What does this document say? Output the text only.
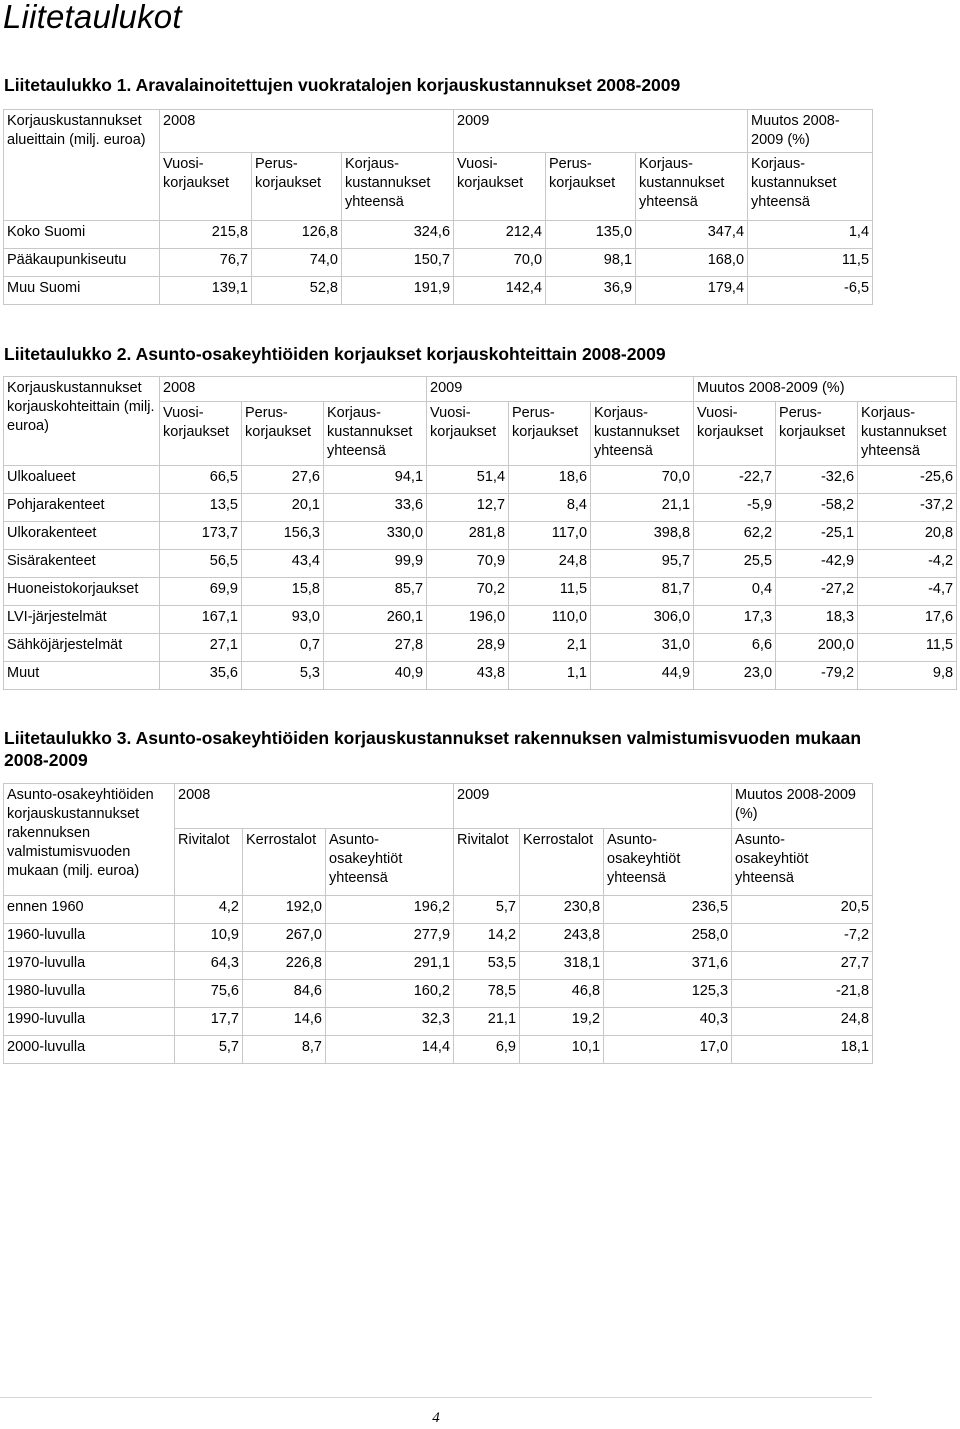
Liitetaulukot
Liitetaulukko 1. Aravalainoitettujen vuokratalojen korjauskustannukset 2008-2009
Korjauskustannukset alueittain (milj. euroa)	2008			2009			Muutos 2008-2009 (%)

	Vuosi-
korjaukset	Perus-
korjaukset	Korjaus-
kustannukset
yhteensä	Vuosi-
korjaukset	Perus-
korjaukset	Korjaus-
kustannukset
yhteensä	Korjaus-
kustannukset
yhteensä

Koko Suomi	215,8	126,8	324,6	212,4	135,0	347,4	1,4
Pääkaupunkiseutu	76,7	74,0	150,7	70,0	98,1	168,0	11,5
Muu Suomi	139,1	52,8	191,9	142,4	36,9	179,4	-6,5
Liitetaulukko 2. Asunto-osakeyhtiöiden korjaukset korjauskohteittain 2008-2009
Korjauskustannukset korjauskohteittain (milj. euroa)	2008			2009			Muutos 2008-2009 (%)		

	Vuosi-
korjaukset	Perus-
korjaukset	Korjaus-
kustannukset
yhteensä	Vuosi-
korjaukset	Perus-
korjaukset	Korjaus-
kustannukset
yhteensä	Vuosi-
korjaukset	Perus-
korjaukset	Korjaus-
kustannukset
yhteensä

Ulkoalueet	66,5	27,6	94,1	51,4	18,6	70,0	-22,7	-32,6	-25,6
Pohjarakenteet	13,5	20,1	33,6	12,7	8,4	21,1	-5,9	-58,2	-37,2
Ulkorakenteet	173,7	156,3	330,0	281,8	117,0	398,8	62,2	-25,1	20,8
Sisärakenteet	56,5	43,4	99,9	70,9	24,8	95,7	25,5	-42,9	-4,2
Huoneistokorjaukset	69,9	15,8	85,7	70,2	11,5	81,7	0,4	-27,2	-4,7
LVI-järjestelmät	167,1	93,0	260,1	196,0	110,0	306,0	17,3	18,3	17,6
Sähköjärjestelmät	27,1	0,7	27,8	28,9	2,1	31,0	6,6	200,0	11,5
Muut	35,6	5,3	40,9	43,8	1,1	44,9	23,0	-79,2	9,8
Liitetaulukko 3. Asunto-osakeyhtiöiden korjauskustannukset rakennuksen valmistumisvuoden mukaan 2008-2009
Asunto-osakeyhtiöiden korjauskustannukset rakennuksen valmistumisvuoden mukaan (milj. euroa)	2008			2009			Muutos 2008-2009 (%)
	Rivitalot	Kerrostalot	Asunto-
osakeyhtiöt
yhteensä	Rivitalot	Kerrostalot	Asunto-
osakeyhtiöt
yhteensä	Asunto-
osakeyhtiöt
yhteensä

ennen 1960	4,2	192,0	196,2	5,7	230,8	236,5	20,5
1960-luvulla	10,9	267,0	277,9	14,2	243,8	258,0	-7,2
1970-luvulla	64,3	226,8	291,1	53,5	318,1	371,6	27,7
1980-luvulla	75,6	84,6	160,2	78,5	46,8	125,3	-21,8
1990-luvulla	17,7	14,6	32,3	21,1	19,2	40,3	24,8
2000-luvulla	5,7	8,7	14,4	6,9	10,1	17,0	18,1
4
